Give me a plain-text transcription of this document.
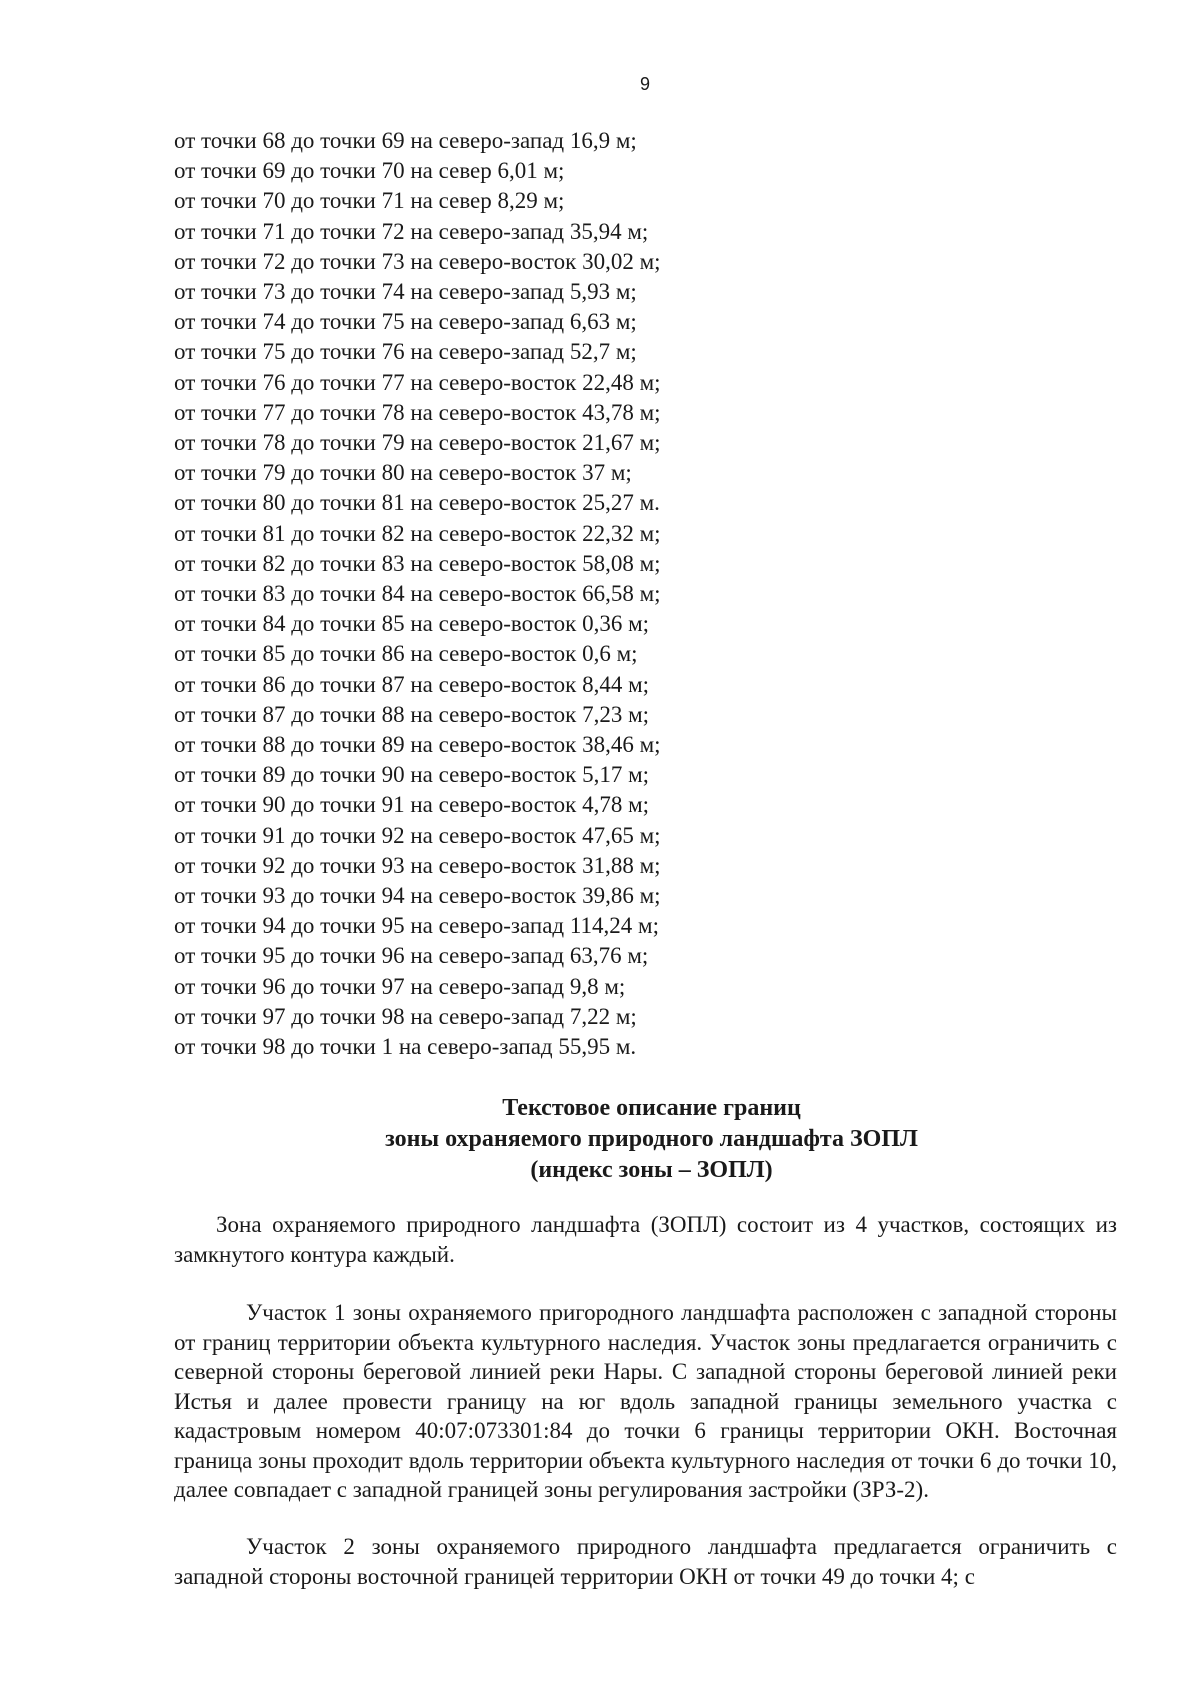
9
от точки 68 до точки 69 на северо-запад 16,9 м;
от точки 69 до точки 70 на север 6,01 м;
от точки 70 до точки 71 на север 8,29 м;
от точки 71 до точки 72 на северо-запад 35,94 м;
от точки 72 до точки 73 на северо-восток 30,02 м;
от точки 73 до точки 74 на северо-запад 5,93 м;
от точки 74 до точки 75 на северо-запад 6,63 м;
от точки 75 до точки 76 на северо-запад 52,7 м;
от точки 76 до точки 77 на северо-восток 22,48 м;
от точки 77 до точки 78 на северо-восток 43,78 м;
от точки 78 до точки 79 на северо-восток 21,67 м;
от точки 79 до точки 80 на северо-восток 37 м;
от точки 80 до точки 81 на северо-восток 25,27 м.
от точки 81 до точки 82 на северо-восток 22,32 м;
от точки 82 до точки 83 на северо-восток 58,08 м;
от точки 83 до точки 84 на северо-восток 66,58 м;
от точки 84 до точки 85 на северо-восток 0,36 м;
от точки 85 до точки 86 на северо-восток 0,6 м;
от точки 86 до точки 87 на северо-восток 8,44 м;
от точки 87 до точки 88 на северо-восток 7,23 м;
от точки 88 до точки 89 на северо-восток 38,46 м;
от точки 89 до точки 90 на северо-восток 5,17 м;
от точки 90 до точки 91 на северо-восток 4,78 м;
от точки 91 до точки 92 на северо-восток 47,65 м;
от точки 92 до точки 93 на северо-восток 31,88 м;
от точки 93 до точки 94 на северо-восток 39,86 м;
от точки 94 до точки 95 на северо-запад 114,24 м;
от точки 95 до точки 96 на северо-запад 63,76 м;
от точки 96 до точки 97 на северо-запад 9,8 м;
от точки 97 до точки 98 на северо-запад 7,22 м;
от точки 98 до точки 1 на северо-запад 55,95 м.
Текстовое описание границ
зоны охраняемого природного ландшафта ЗОПЛ
(индекс зоны – ЗОПЛ)
Зона охраняемого природного ландшафта (ЗОПЛ) состоит из 4 участков, состоящих из замкнутого контура каждый.
Участок 1 зоны охраняемого пригородного ландшафта расположен с западной стороны от границ территории объекта культурного наследия. Участок зоны предлагается ограничить с северной стороны береговой линией реки Нары. С западной стороны береговой линией реки Истья и далее провести границу на юг вдоль западной границы земельного участка с кадастровым номером 40:07:073301:84 до точки 6 границы территории ОКН. Восточная граница зоны проходит вдоль территории объекта культурного наследия от точки 6 до точки 10, далее совпадает с западной границей зоны регулирования застройки (ЗРЗ-2).
Участок 2 зоны охраняемого природного ландшафта предлагается ограничить с западной стороны восточной границей территории ОКН от точки 49 до точки 4; с
